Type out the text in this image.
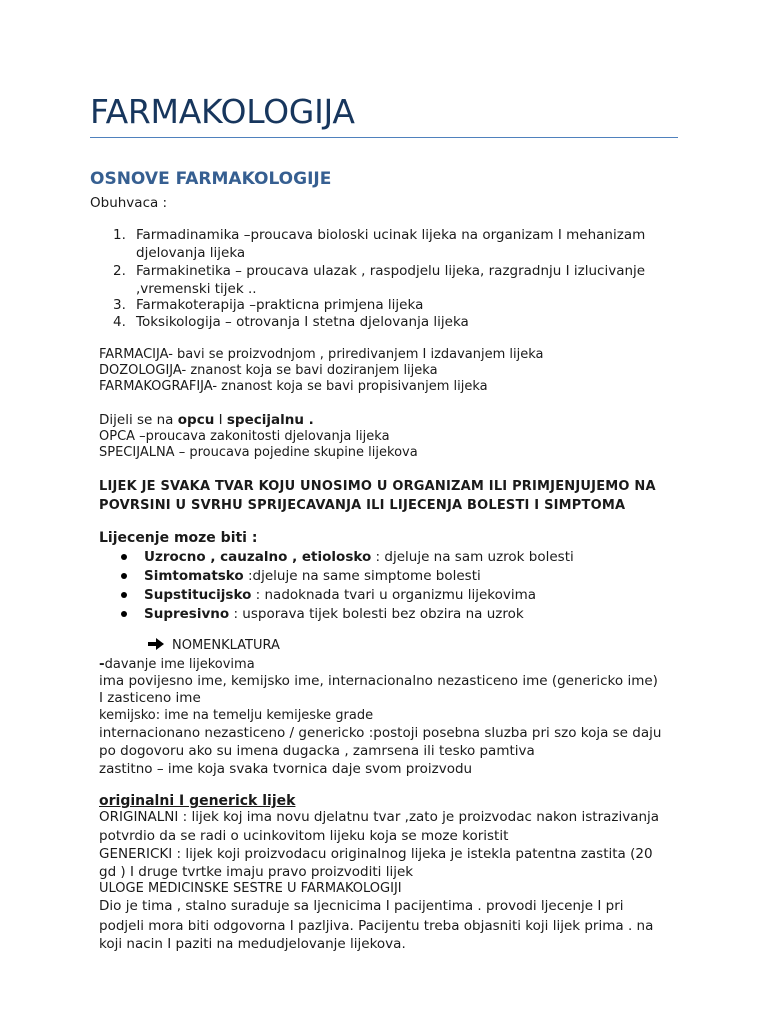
FARMAKOLOGIJA
OSNOVE FARMAKOLOGIJE
Obuhvaca :
1. Farmadinamika –proucava bioloski ucinak lijeka na organizam I mehanizam
djelovanja lijeka
2. Farmakinetika – proucava ulazak , raspodjelu lijeka, razgradnju I izlucivanje
,vremenski tijek ..
3. Farmakoterapija –prakticna primjena lijeka
4. Toksikologija – otrovanja I stetna djelovanja lijeka
FARMACIJA- bavi se proizvodnjom , priredivanjem I izdavanjem lijeka
DOZOLOGIJA- znanost koja se bavi doziranjem lijeka
FARMAKOGRAFIJA- znanost koja se bavi propisivanjem lijeka
Dijeli se na opcu I specijalnu .
OPCA –proucava zakonitosti djelovanja lijeka
SPECIJALNA – proucava pojedine skupine lijekova
LIJEK JE SVAKA TVAR KOJU UNOSIMO U ORGANIZAM ILI PRIMJENJUJEMO NA
POVRSINI U SVRHU SPRIJECAVANJA ILI LIJECENJA BOLESTI I SIMPTOMA
Lijecenje moze biti :
Uzrocno , cauzalno , etiolosko : djeluje na sam uzrok bolesti
Simtomatsko :djeluje na same simptome bolesti
Supstitucijsko : nadoknada tvari u organizmu lijekovima
Supresivno : usporava tijek bolesti bez obzira na uzrok
NOMENKLATURA
-davanje ime lijekovima
ima povijesno ime, kemijsko ime, internacionalno nezasticeno ime (genericko ime)
I zasticeno ime
kemijsko: ime na temelju kemijeske grade
internacionano nezasticeno / genericko :postoji posebna sluzba pri szo koja se daju
po dogovoru ako su imena dugacka , zamrsena ili tesko pamtiva
zastitno – ime koja svaka tvornica daje svom proizvodu
originalni I generick lijek
ORIGINALNI : lijek koj ima novu djelatnu tvar ,zato je proizvodac nakon istrazivanja
potvrdio da se radi o ucinkovitom lijeku koja se moze koristit
GENERICKI : lijek koji proizvodacu originalnog lijeka je istekla patentna zastita (20
gd ) I druge tvrtke imaju pravo proizvoditi lijek
ULOGE MEDICINSKE SESTRE U FARMAKOLOGIJI
Dio je tima , stalno suraduje sa ljecnicima I pacijentima . provodi ljecenje I pri
podjeli mora biti odgovorna I pazljiva. Pacijentu treba objasniti koji lijek prima . na
koji nacin I paziti na medudjelovanje lijekova.
